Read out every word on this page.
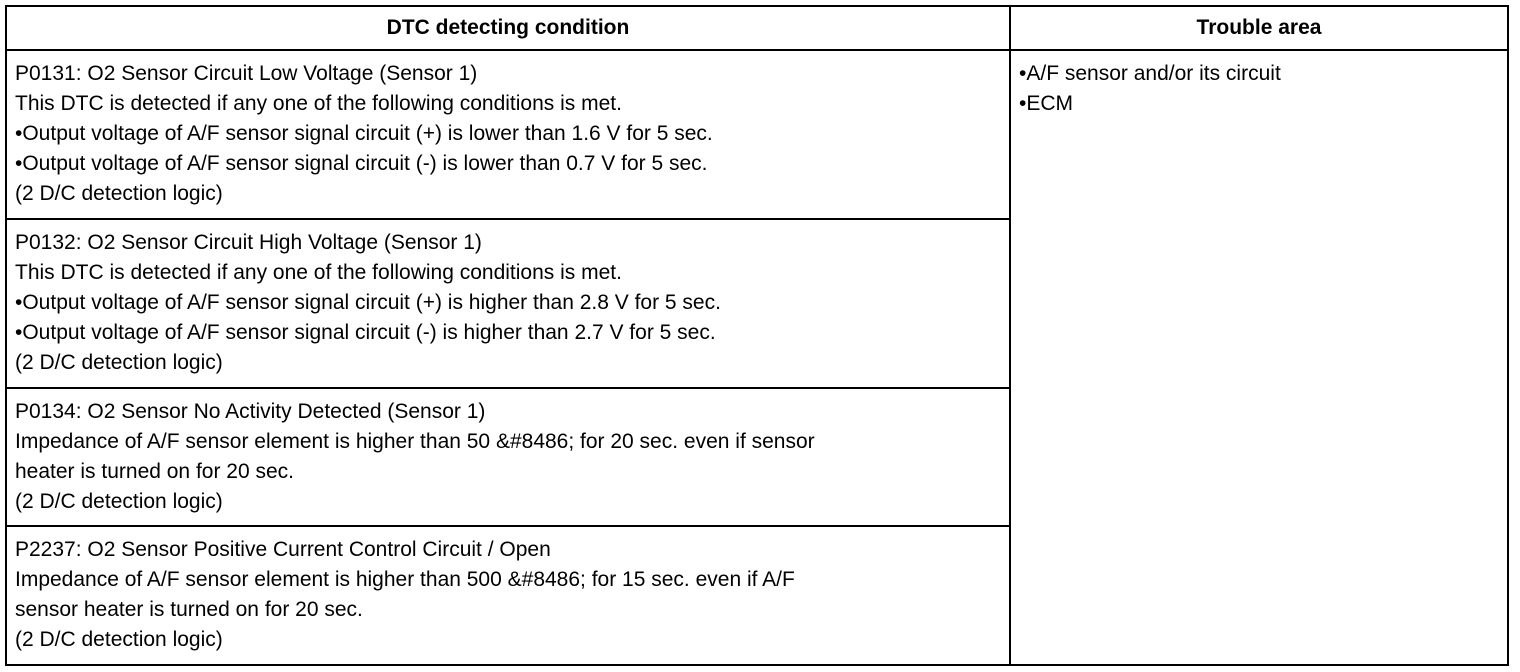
DTC detecting condition	Trouble area

P0131: O2 Sensor Circuit Low Voltage (Sensor 1)
This DTC is detected if any one of the following conditions is met.
•Output voltage of A/F sensor signal circuit (+) is lower than 1.6 V for 5 sec.
•Output voltage of A/F sensor signal circuit (-) is lower than 0.7 V for 5 sec.
(2 D/C detection logic)	•A/F sensor and/or its circuit
•ECM

P0132: O2 Sensor Circuit High Voltage (Sensor 1)
This DTC is detected if any one of the following conditions is met.
•Output voltage of A/F sensor signal circuit (+) is higher than 2.8 V for 5 sec.
•Output voltage of A/F sensor signal circuit (-) is higher than 2.7 V for 5 sec.
(2 D/C detection logic)	

P0134: O2 Sensor No Activity Detected (Sensor 1)
Impedance of A/F sensor element is higher than 50 &#8486; for 20 sec. even if sensor
heater is turned on for 20 sec.
(2 D/C detection logic)	

P2237: O2 Sensor Positive Current Control Circuit / Open
Impedance of A/F sensor element is higher than 500 &#8486; for 15 sec. even if A/F
sensor heater is turned on for 20 sec.
(2 D/C detection logic)	
